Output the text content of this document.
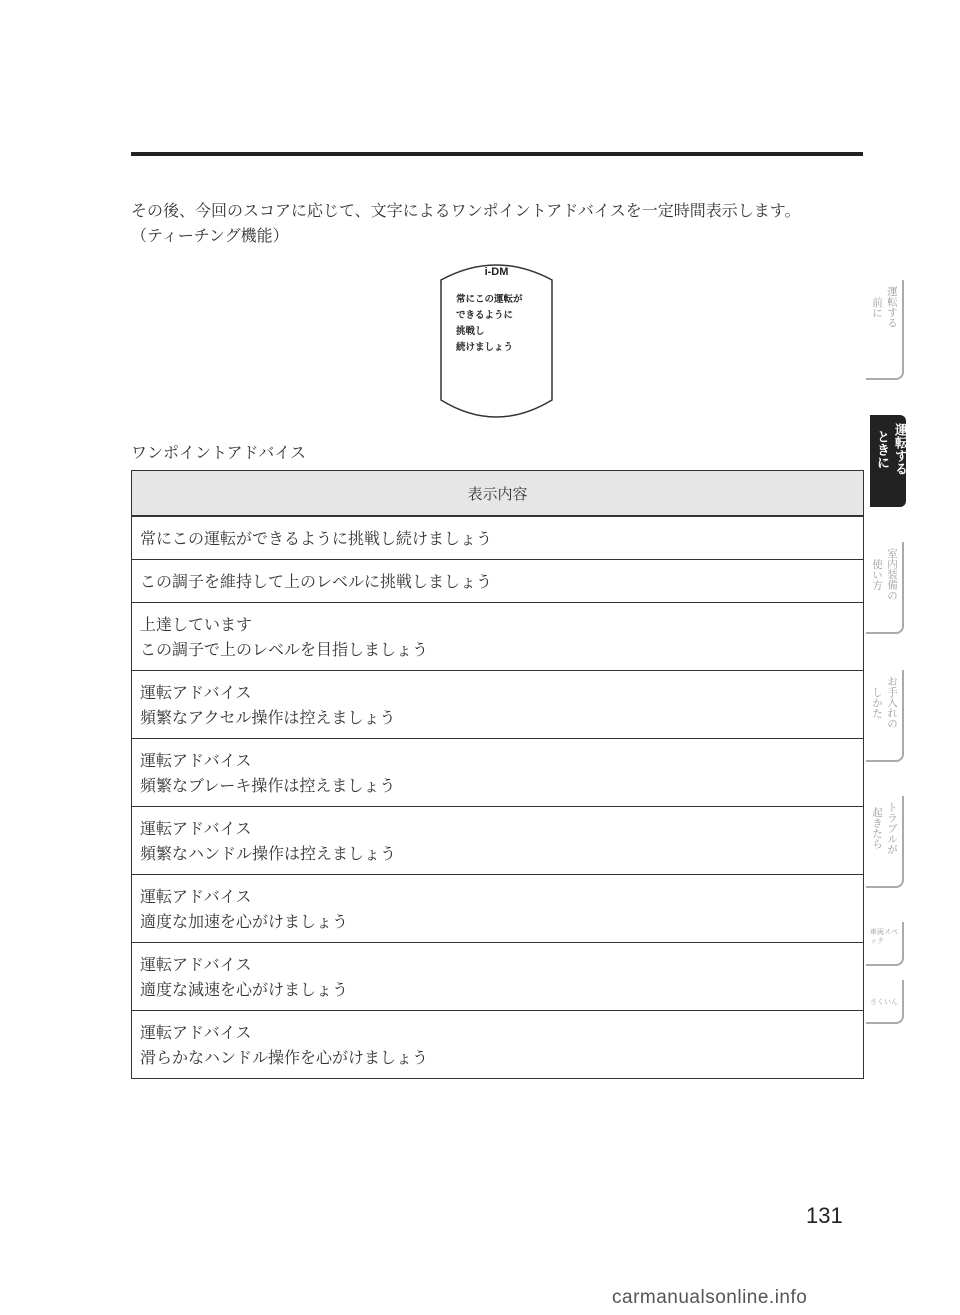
その後、今回のスコアに応じて、文字によるワンポイントアドバイスを一定時間表示します。

（ティーチング機能）

i-DM
常にこの運転が
できるように
挑戦し
続けましょう
ワンポイントアドバイス
表示内容

常にこの運転ができるように挑戦し続けましょう

この調子を維持して上のレベルに挑戦しましょう

上達しています
この調子で上のレベルを目指しましょう

運転アドバイス
頻繁なアクセル操作は控えましょう

運転アドバイス
頻繁なブレーキ操作は控えましょう

運転アドバイス
頻繁なハンドル操作は控えましょう

運転アドバイス
適度な加速を心がけましょう

運転アドバイス
適度な減速を心がけましょう

運転アドバイス
滑らかなハンドル操作を心がけましょう
運転する
前に
運転する
ときに
室内装備の
使い方
お手入れの
しかた
トラブルが
起きたら
車両スペック
さくいん
131
carmanualsonline.info
